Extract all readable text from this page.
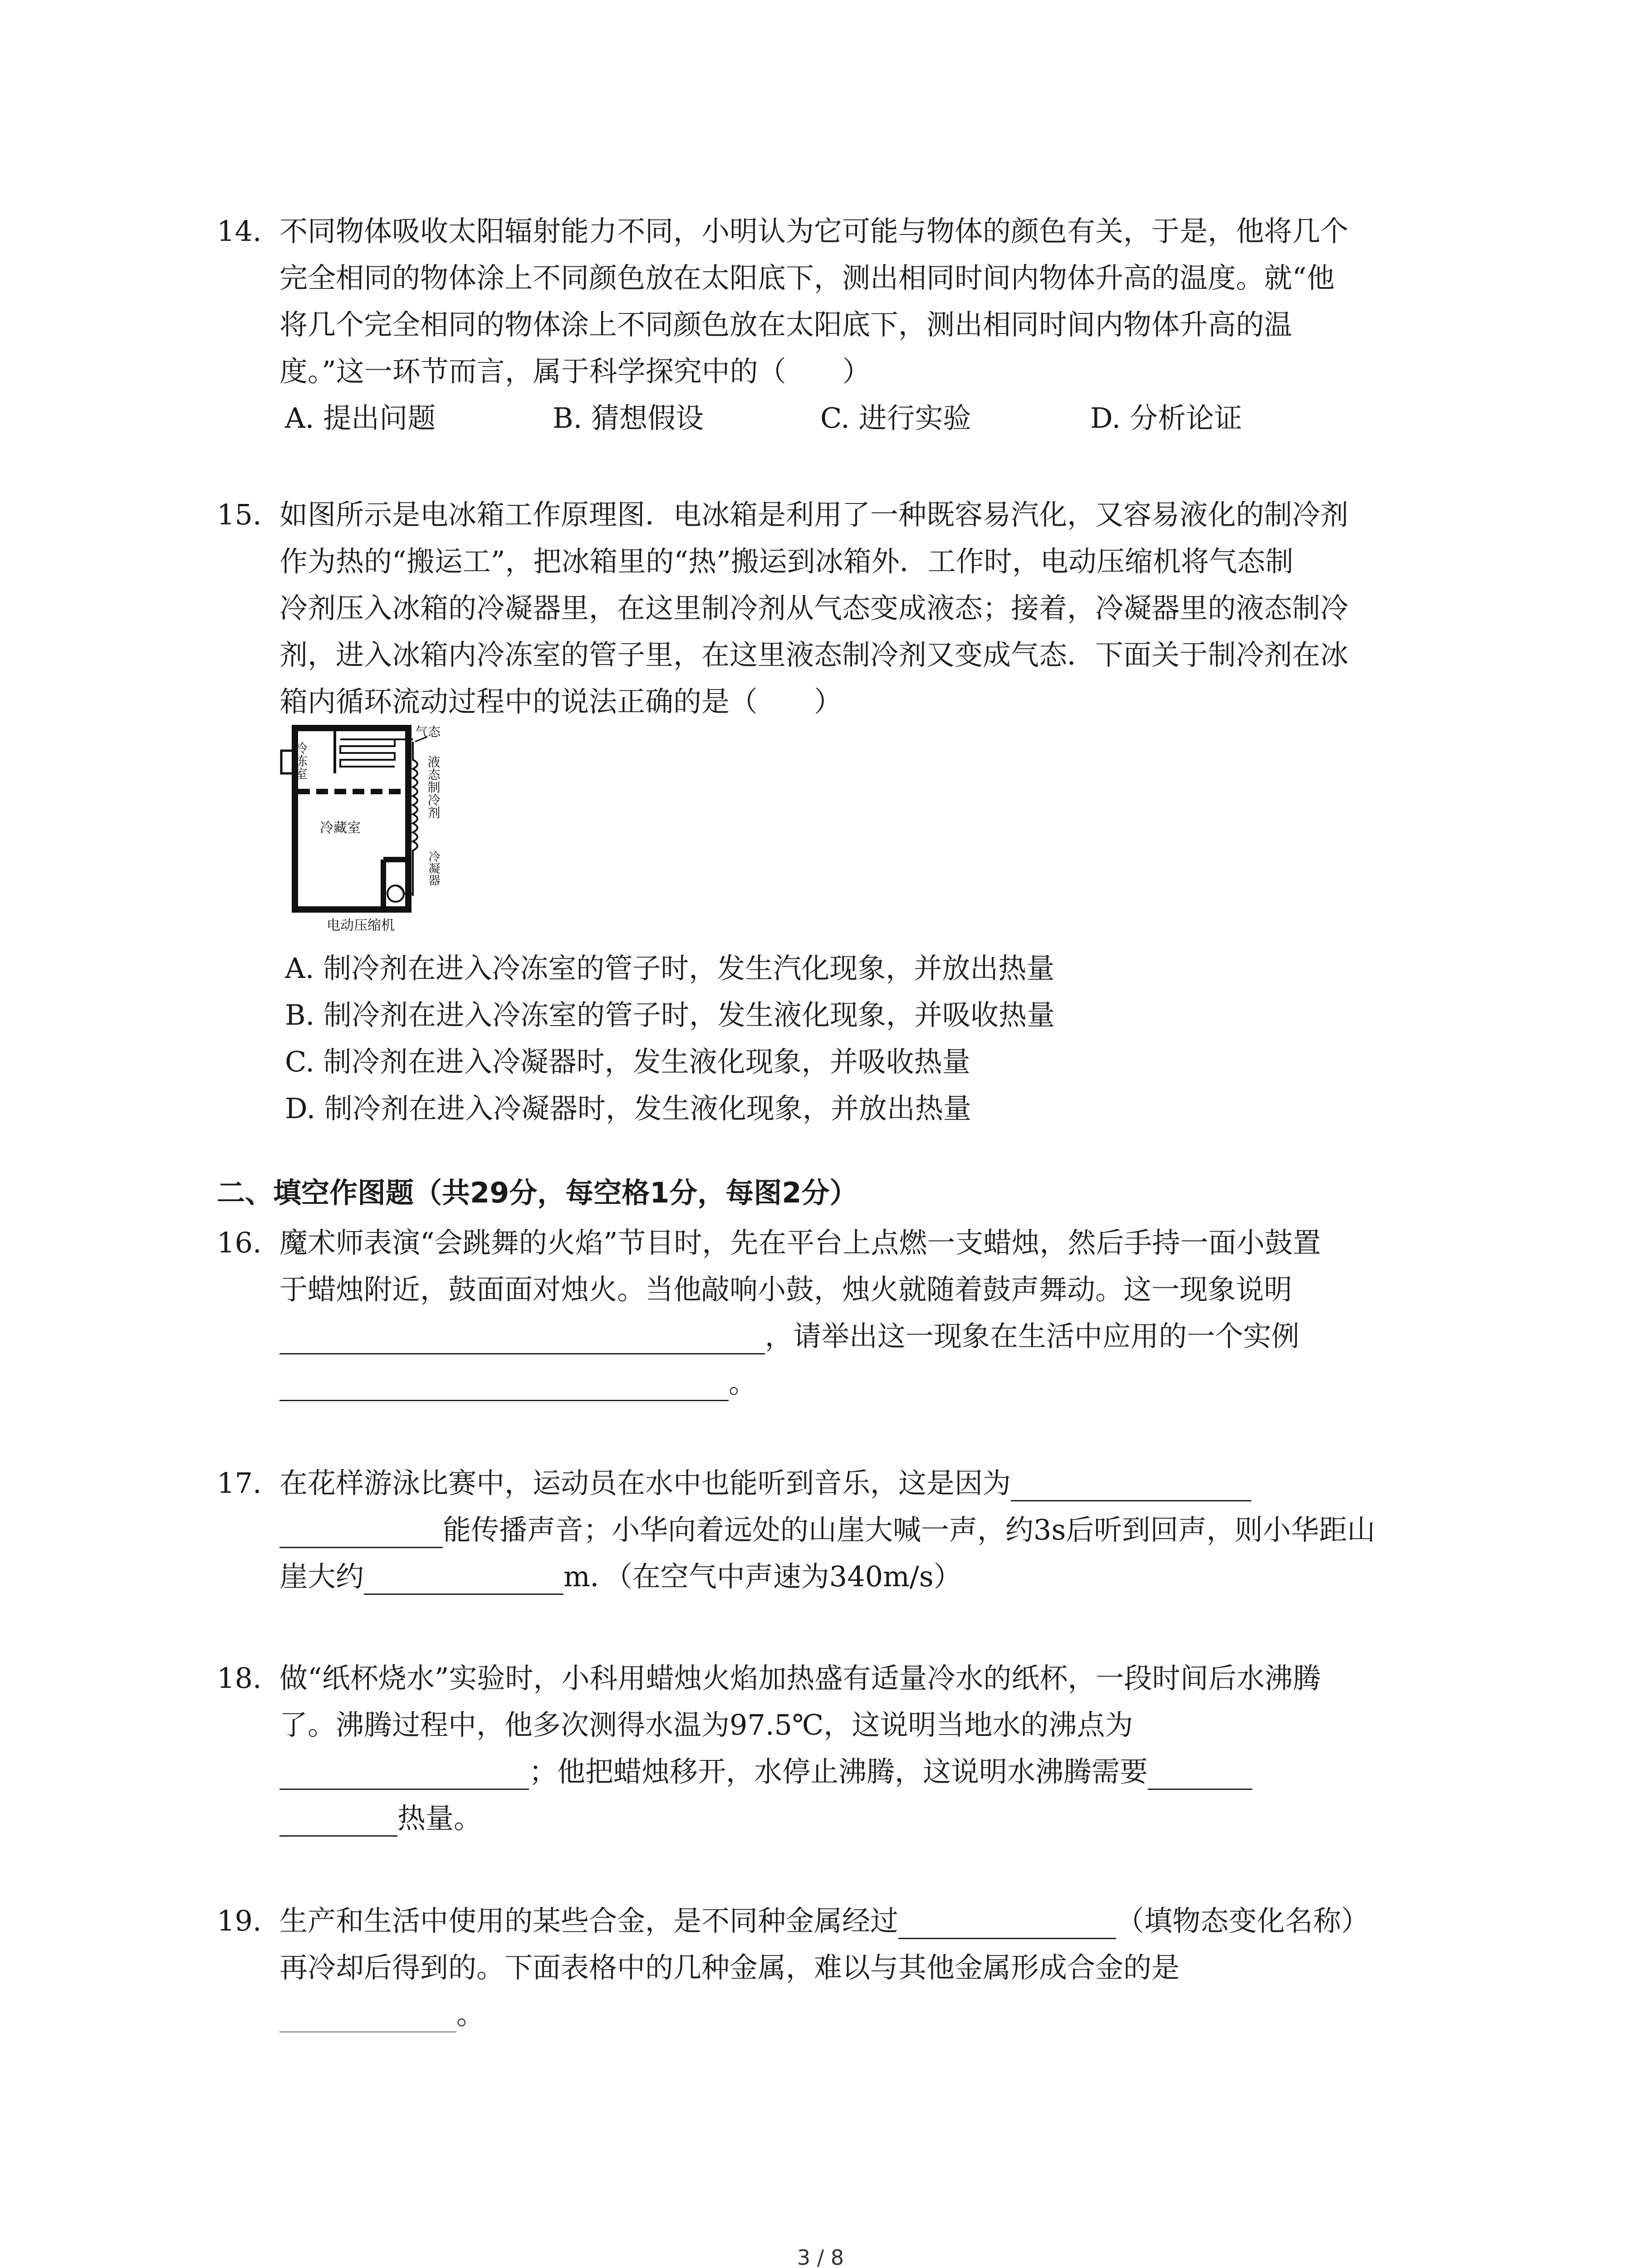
14. 不同物体吸收太阳辐射能力不同，小明认为它可能与物体的颜色有关，于是，他将几个
完全相同的物体涂上不同颜色放在太阳底下，测出相同时间内物体升高的温度。就“他
将几个完全相同的物体涂上不同颜色放在太阳底下，测出相同时间内物体升高的温
度。”这一环节而言，属于科学探究中的（　　）
A. 提出问题	B. 猜想假设	C. 进行实验	D. 分析论证
15. 如图所示是电冰箱工作原理图．电冰箱是利用了一种既容易汽化，又容易液化的制冷剂
作为热的“搬运工”，把冰箱里的“热”搬运到冰箱外．工作时，电动压缩机将气态制
冷剂压入冰箱的冷凝器里，在这里制冷剂从气态变成液态；接着，冷凝器里的液态制冷
剂，进入冰箱内冷冻室的管子里，在这里液态制冷剂又变成气态．下面关于制冷剂在冰
箱内循环流动过程中的说法正确的是（　　）
A. 制冷剂在进入冷冻室的管子时，发生汽化现象，并放出热量
B. 制冷剂在进入冷冻室的管子时，发生液化现象，并吸收热量
C. 制冷剂在进入冷凝器时，发生液化现象，并吸收热量
D. 制冷剂在进入冷凝器时，发生液化现象，并放出热量
冷冻室
气态
液态制冷剂
冷藏室
冷凝器
电动压缩机
二、填空作图题（共29分，每空格1分，每图2分）
16. 魔术师表演“会跳舞的火焰”节目时，先在平台上点燃一支蜡烛，然后手持一面小鼓置
于蜡烛附近，鼓面面对烛火。当他敲响小鼓，烛火就随着鼓声舞动。这一现象说明
，请举出这一现象在生活中应用的一个实例
。
17. 在花样游泳比赛中，运动员在水中也能听到音乐，这是因为
能传播声音；小华向着远处的山崖大喊一声，约3s后听到回声，则小华距山
崖大约	m．（在空气中声速为340m/s）
18. 做“纸杯烧水”实验时，小科用蜡烛火焰加热盛有适量冷水的纸杯，一段时间后水沸腾
了。沸腾过程中，他多次测得水温为97.5℃，这说明当地水的沸点为
；他把蜡烛移开，水停止沸腾，这说明水沸腾需要
热量。
19. 生产和生活中使用的某些合金，是不同种金属经过	（填物态变化名称）
再冷却后得到的。下面表格中的几种金属，难以与其他金属形成合金的是
。
3 / 8
